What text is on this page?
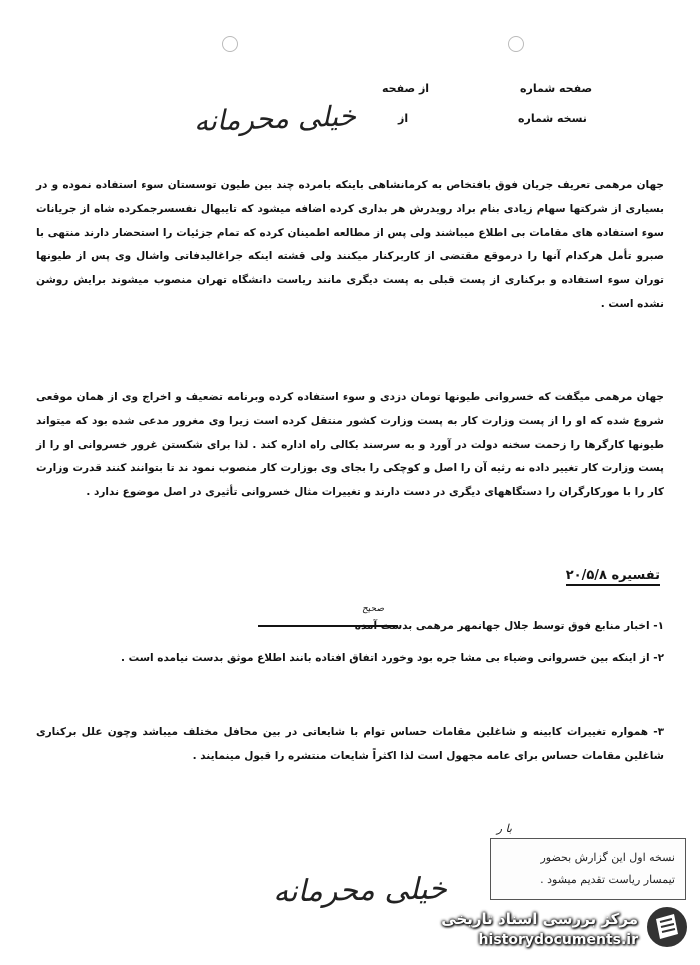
صفحه شماره
از صفحه
نسخه شماره
از
خیلی محرمانه
جهان مرهمی تعریف جریان فوق بافتخاص به کرمانشاهی باینکه بامرده چند بین طیون توسستان سوء استفاده نموده و در بسیاری از شرکتها سهام زیادی بنام براد رویدرش هر بداری کرده اضافه میشود که تایبهال نفسسرجمکرده شاه از جریانات سوء استفاده های مقامات بی اطلاع میباشند ولی پس از مطالعه اطمینان کرده که تمام جزئیات را استحضار دارند منتهی با صبرو تأمل هرکدام آنها را درموقع مقتضی از کاربرکنار میکنند ولی قشته اینکه جراغالیدفاتی واشال وی پس از طیونها توران سوء استفاده و برکناری از پست قبلی به پست دیگری مانند ریاست دانشگاه تهران منصوب میشوند برایش روشن نشده است .
جهان مرهمی میگفت که خسروانی طیونها تومان دزدی و سوء استفاده کرده وبرنامه تضعیف و اخراج وی از همان موقعی شروع شده که او را از پست وزارت کار به پست وزارت کشور منتقل کرده است زیرا وی مغرور مدعی شده بود که میتواند طیونها کارگرها را زحمت سخنه دولت در آورد و به سرسند بکالی راه اداره کند . لذا برای شکستن غرور خسروانی او را از پست وزارت کار تغییر داده نه رثیه آن را اصل و کوچکی را بجای وی بوزارت کار منصوب نمود ند تا بتوانند کنند قدرت وزارت کار را با مورکارگران را دستگاههای دیگری در دست دارند و تغییرات مثال خسروانی تأثیری در اصل موضوع ندارد .
تفسیره ۲۰/۵/۸
صحیح
۱- اخبار منابع فوق توسط جلال جهانمهر مرهمی بدست آمده
۲- از اینکه بین خسروانی وضیاء بی مشا جره بود وخورد اتفاق افتاده بانند اطلاع موثق بدست نیامده است .
۳- همواره تغییرات کابینه و شاغلین مقامات حساس توام با شایعاتی در بین محافل مختلف میباشد وچون علل برکناری شاغلین مقامات حساس برای عامه مجهول است لذا اکثراً شایعات منتشره را قبول مینمایند .
با ر
نسخه اول این گزارش بحضور
تیمسار ریاست تقدیم میشود .
خیلی محرمانه
مرکز بررسی اسناد تاریخی
historydocuments.ir
